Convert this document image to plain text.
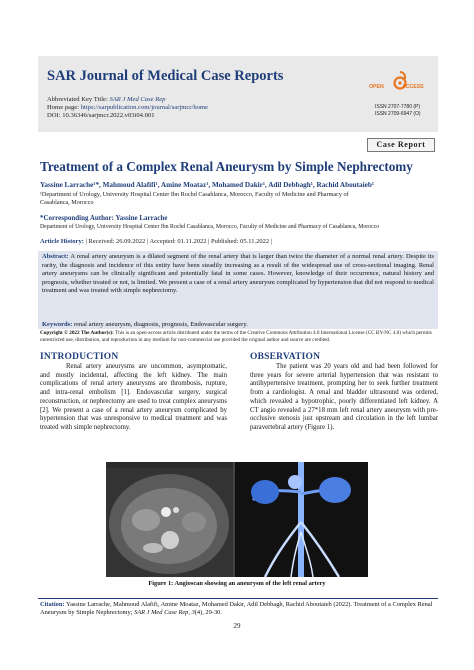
SAR Journal of Medical Case Reports
Abbreviated Key Title: SAR J Med Case Rep
Home page: https://sarpublication.com/journal/sarjmcr/home
DOI: 10.36346/sarjmcr.2022.v03i04.001
OPEN	ACCESS
ISSN 2707-7780 (P)
ISSN 2709-6947 (O)
Case Report
Treatment of a Complex Renal Aneurysm by Simple Nephrectomy
Yassine Larrache¹*, Mahmoud Alafifi¹, Amine Moataz¹, Mohamed Dakir¹, Adil Debbagh¹, Rachid Aboutaieb¹
¹Department of Urology, University Hospital Center Ibn Rochd Casablanca, Morocco, Faculty of Medicine and Pharmacy of
Casablanca, Morocco
*Corresponding Author: Yassine Larrache
Department of Urology, University Hospital Center Ibn Rochd Casablanca, Morocco, Faculty of Medicine and Pharmacy of Casablanca, Morocco
Article History: | Received: 26.09.2022 | Accepted: 01.11.2022 | Published: 05.11.2022 |
Abstract: A renal artery aneurysm is a dilated segment of the renal artery that is larger than twice the diameter of a normal renal artery. Despite its rarity, the diagnosis and incidence of this entity have been steadily increasing as a result of the widespread use of cross-sectional imaging. Renal artery aneurysms can be clinically significant and potentially fatal in some cases. However, knowledge of their occurrence, natural history and prognosis, whether treated or not, is limited. We present a case of a renal artery aneurysm complicated by hypertension that did not respond to medical treatment and was treated with simple nephrectomy.
Keywords: renal artery aneurysm, diagnosis, prognosis, Endovascular surgery.
Copyright © 2022 The Author(s): This is an open-access article distributed under the terms of the Creative Commons Attribution 4.0 International License (CC BY-NC 4.0) which permits unrestricted use, distribution, and reproduction in any medium for non-commercial use provided the original author and source are credited.
INTRODUCTION
Renal artery aneurysms are uncommon, asymptomatic, and mostly incidental, affecting the left kidney. The main complications of renal artery aneurysms are thrombosis, rupture, and intra-renal embolism [1]. Endovascular surgery, surgical reconstruction, or nephrectomy are used to treat complex aneurysms [2]. We present a case of a renal artery aneurysm complicated by hypertension that was unresponsive to medical treatment and was treated with simple nephrectomy.
OBSERVATION
The patient was 20 years old and had been followed for three years for severe arterial hypertension that was resistant to antihypertensive treatment, prompting her to seek further treatment from a cardiologist. A renal and bladder ultrasound was ordered, which revealed a hypotrophic, poorly differentiated left kidney. A CT angio revealed a 27*18 mm left renal artery aneurysm with pre-occlusive stenosis just upstream and circulation in the left lumbar paravertebral artery (Figure 1).
Figure 1: Angioscan showing an aneurysm of the left renal artery
Citation: Yassine Larrache, Mahmoud Alafifi, Amine Moataz, Mohamed Dakir, Adil Debbagh, Rachid Aboutaieb (2022). Treatment of a Complex Renal Aneurysm by Simple Nephrectomy; SAR J Med Case Rep, 3(4), 29-30.
29
